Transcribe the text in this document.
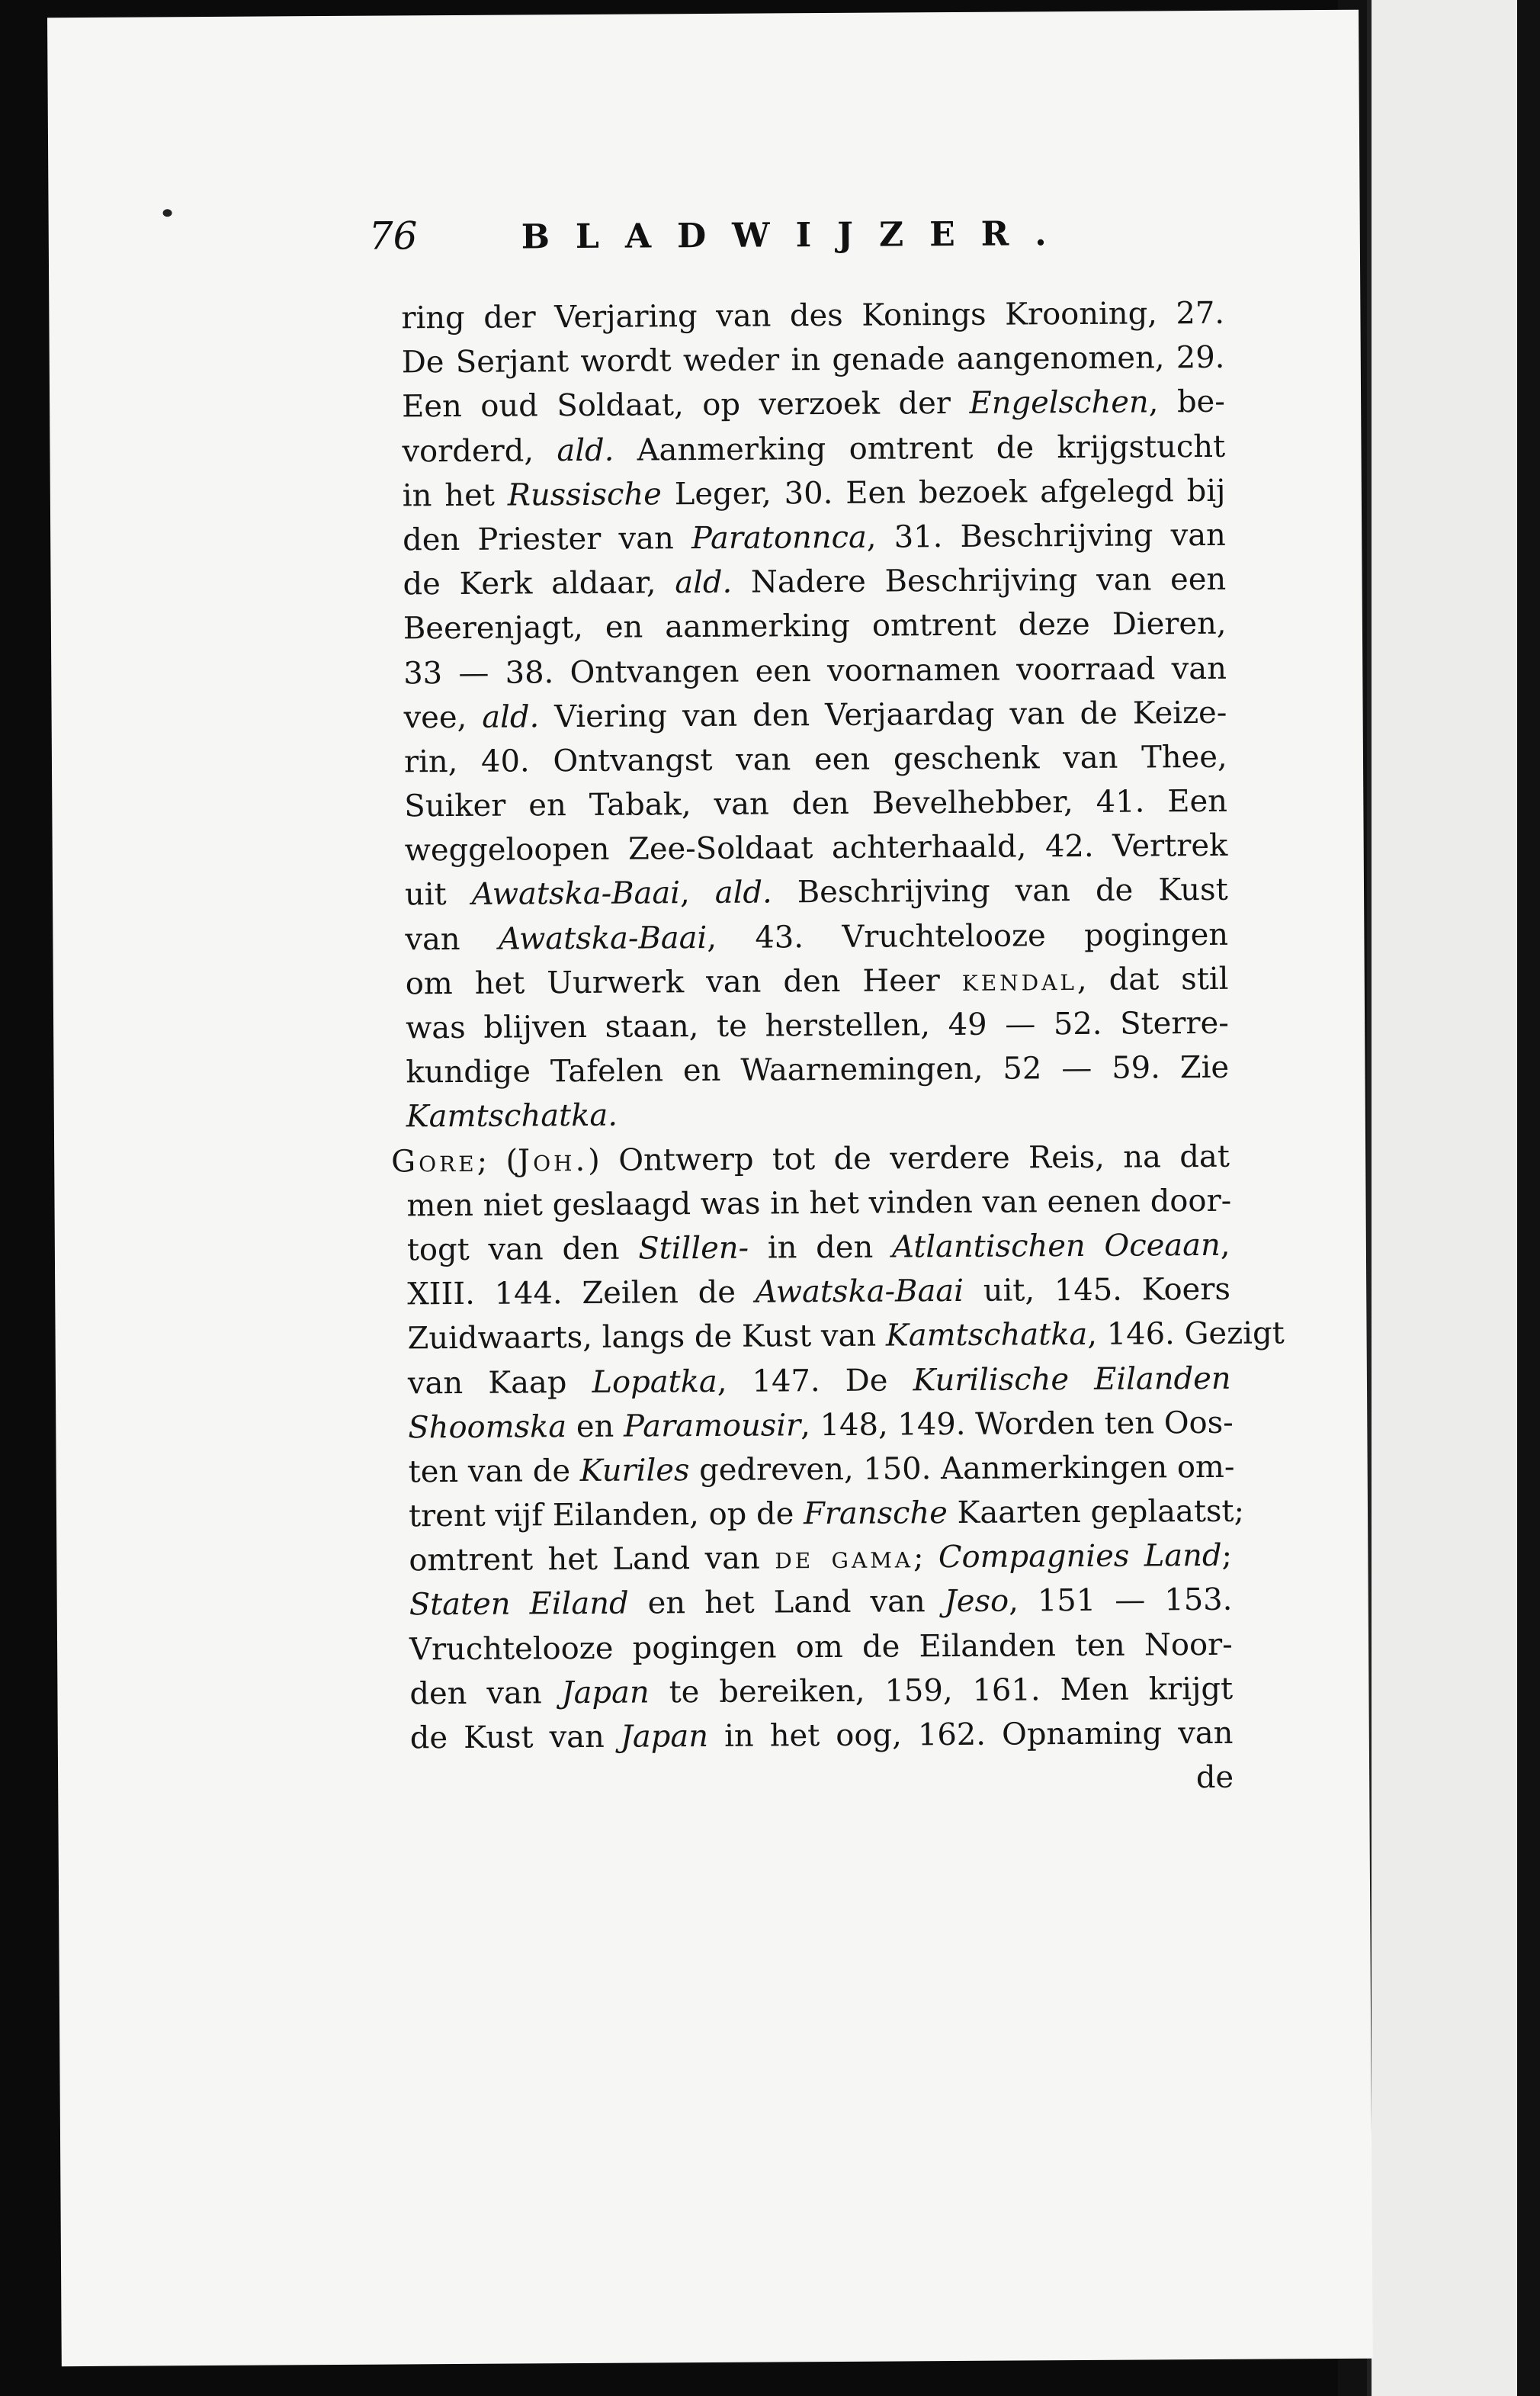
76	BLADWIJZER.
ring der Verjaring van des Konings Krooning, 27.
De Serjant wordt weder in genade aangenomen, 29.
Een oud Soldaat, op verzoek der Engelschen, be-
vorderd, ald. Aanmerking omtrent de krijgstucht
in het Russische Leger, 30. Een bezoek afgelegd bij
den Priester van Paratonnca, 31. Beschrijving van
de Kerk aldaar, ald. Nadere Beschrijving van een
Beerenjagt, en aanmerking omtrent deze Dieren,
33 — 38. Ontvangen een voornamen voorraad van
vee, ald. Viering van den Verjaardag van de Keize-
rin, 40. Ontvangst van een geschenk van Thee,
Suiker en Tabak, van den Bevelhebber, 41. Een
weggeloopen Zee-Soldaat achterhaald, 42. Vertrek
uit Awatska-Baai, ald. Beschrijving van de Kust
van Awatska-Baai, 43. Vruchtelooze pogingen
om het Uurwerk van den Heer kendal, dat stil
was blijven staan, te herstellen, 49 — 52. Sterre-
kundige Tafelen en Waarnemingen, 52 — 59. Zie
Kamtschatka.
Gore; (Joh.) Ontwerp tot de verdere Reis, na dat
men niet geslaagd was in het vinden van eenen door-
togt van den Stillen- in den Atlantischen Oceaan,
XIII. 144. Zeilen de Awatska-Baai uit, 145. Koers
Zuidwaarts, langs de Kust van Kamtschatka, 146. Gezigt
van Kaap Lopatka, 147. De Kurilische Eilanden
Shoomska en Paramousir, 148, 149. Worden ten Oos-
ten van de Kuriles gedreven, 150. Aanmerkingen om-
trent vijf Eilanden, op de Fransche Kaarten geplaatst;
omtrent het Land van de gama; Compagnies Land;
Staten Eiland en het Land van Jeso, 151 — 153.
Vruchtelooze pogingen om de Eilanden ten Noor-
den van Japan te bereiken, 159, 161. Men krijgt
de Kust van Japan in het oog, 162. Opnaming van
de
